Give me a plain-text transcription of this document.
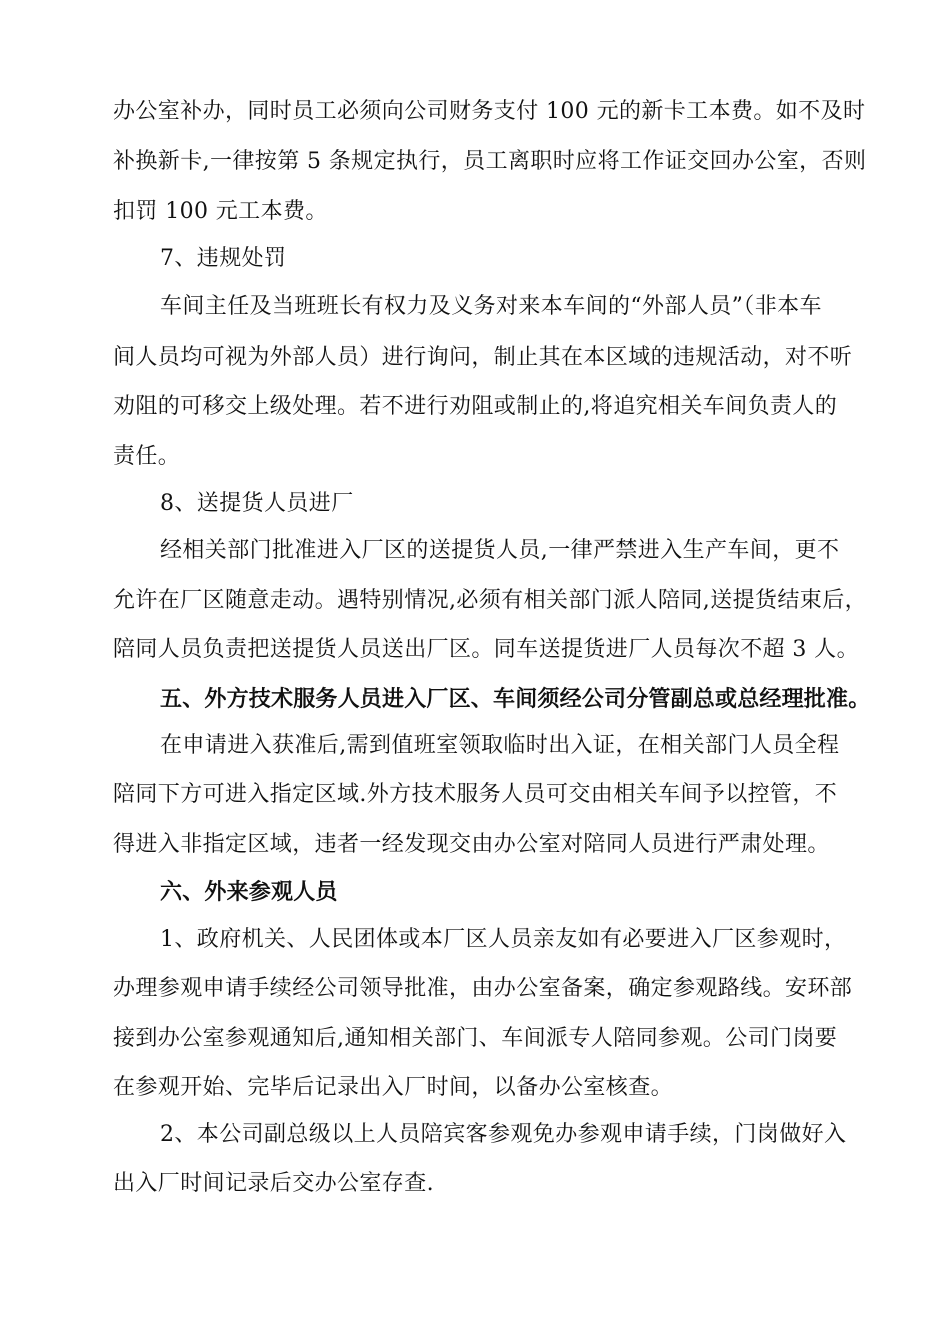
办公室补办，同时员工必须向公司财务支付 100 元的新卡工本费。如不及时
补换新卡,一律按第 5 条规定执行，员工离职时应将工作证交回办公室，否则
扣罚 100 元工本费。
7、违规处罚
车间主任及当班班长有权力及义务对来本车间的“外部人员”（非本车
间人员均可视为外部人员）进行询问，制止其在本区域的违规活动，对不听
劝阻的可移交上级处理。若不进行劝阻或制止的,将追究相关车间负责人的
责任。
8、送提货人员进厂
经相关部门批准进入厂区的送提货人员,一律严禁进入生产车间，更不
允许在厂区随意走动。遇特别情况,必须有相关部门派人陪同,送提货结束后，
陪同人员负责把送提货人员送出厂区。同车送提货进厂人员每次不超 3 人。
五、外方技术服务人员进入厂区、车间须经公司分管副总或总经理批准。
在申请进入获准后,需到值班室领取临时出入证，在相关部门人员全程
陪同下方可进入指定区域.外方技术服务人员可交由相关车间予以控管，不
得进入非指定区域，违者一经发现交由办公室对陪同人员进行严肃处理。
六、外来参观人员
1、政府机关、人民团体或本厂区人员亲友如有必要进入厂区参观时，
办理参观申请手续经公司领导批准，由办公室备案，确定参观路线。安环部
接到办公室参观通知后,通知相关部门、车间派专人陪同参观。公司门岗要
在参观开始、完毕后记录出入厂时间，以备办公室核查。
2、本公司副总级以上人员陪宾客参观免办参观申请手续，门岗做好入
出入厂时间记录后交办公室存查.
